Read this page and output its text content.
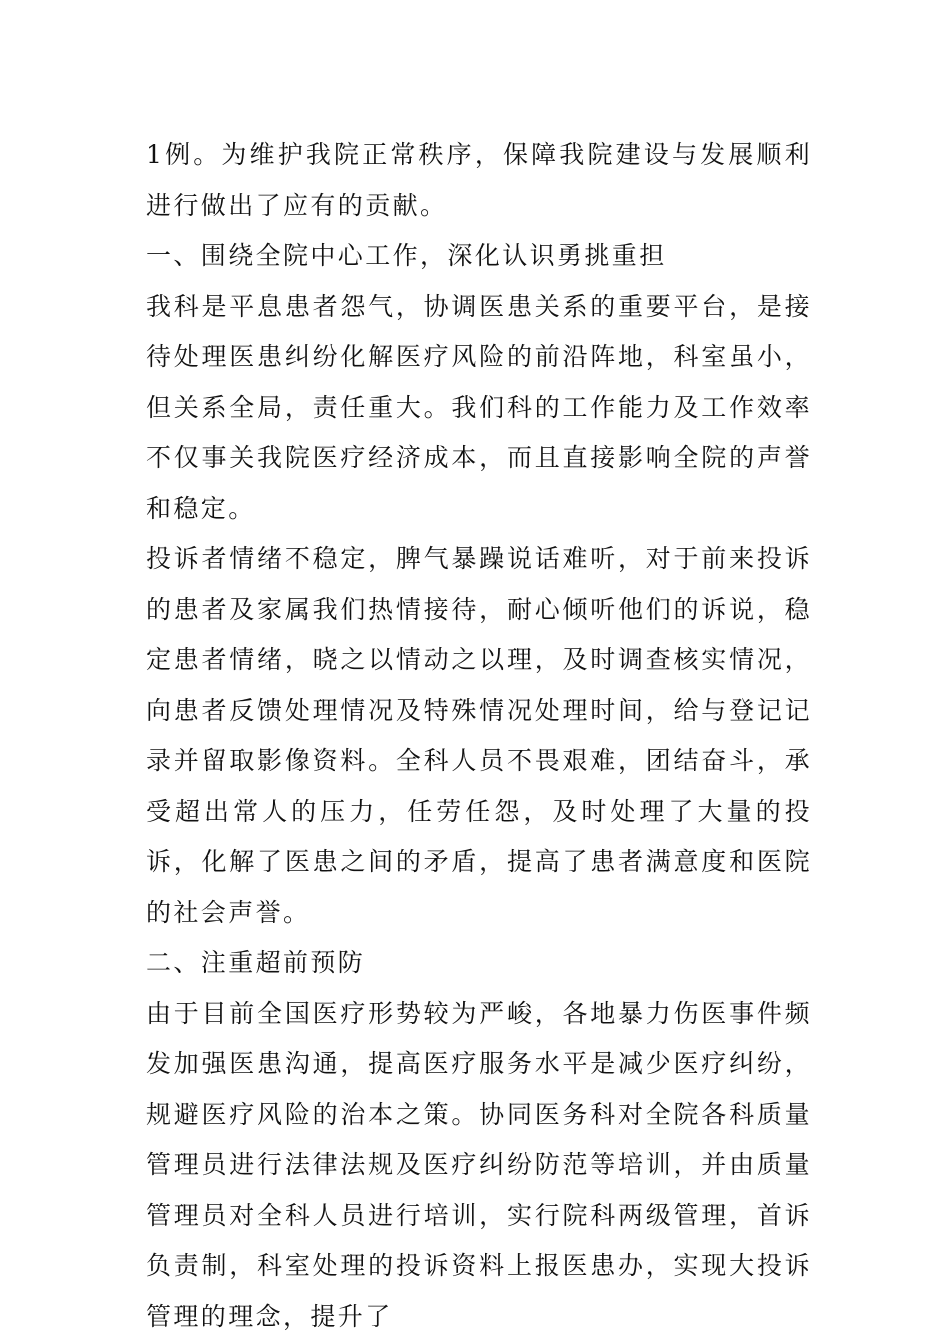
1例。为维护我院正常秩序，保障我院建设与发展顺利进行做出了应有的贡献。

一、围绕全院中心工作，深化认识勇挑重担

我科是平息患者怨气，协调医患关系的重要平台，是接待处理医患纠纷化解医疗风险的前沿阵地，科室虽小，但关系全局，责任重大。我们科的工作能力及工作效率不仅事关我院医疗经济成本，而且直接影响全院的声誉和稳定。

投诉者情绪不稳定，脾气暴躁说话难听，对于前来投诉的患者及家属我们热情接待，耐心倾听他们的诉说，稳定患者情绪，晓之以情动之以理，及时调查核实情况，向患者反馈处理情况及特殊情况处理时间，给与登记记录并留取影像资料。全科人员不畏艰难，团结奋斗，承受超出常人的压力，任劳任怨，及时处理了大量的投诉，化解了医患之间的矛盾，提高了患者满意度和医院的社会声誉。

二、注重超前预防

由于目前全国医疗形势较为严峻，各地暴力伤医事件频发加强医患沟通，提高医疗服务水平是减少医疗纠纷，规避医疗风险的治本之策。协同医务科对全院各科质量管理员进行法律法规及医疗纠纷防范等培训，并由质量管理员对全科人员进行培训，实行院科两级管理，首诉负责制，科室处理的投诉资料上报医患办，实现大投诉管理的理念，提升了
